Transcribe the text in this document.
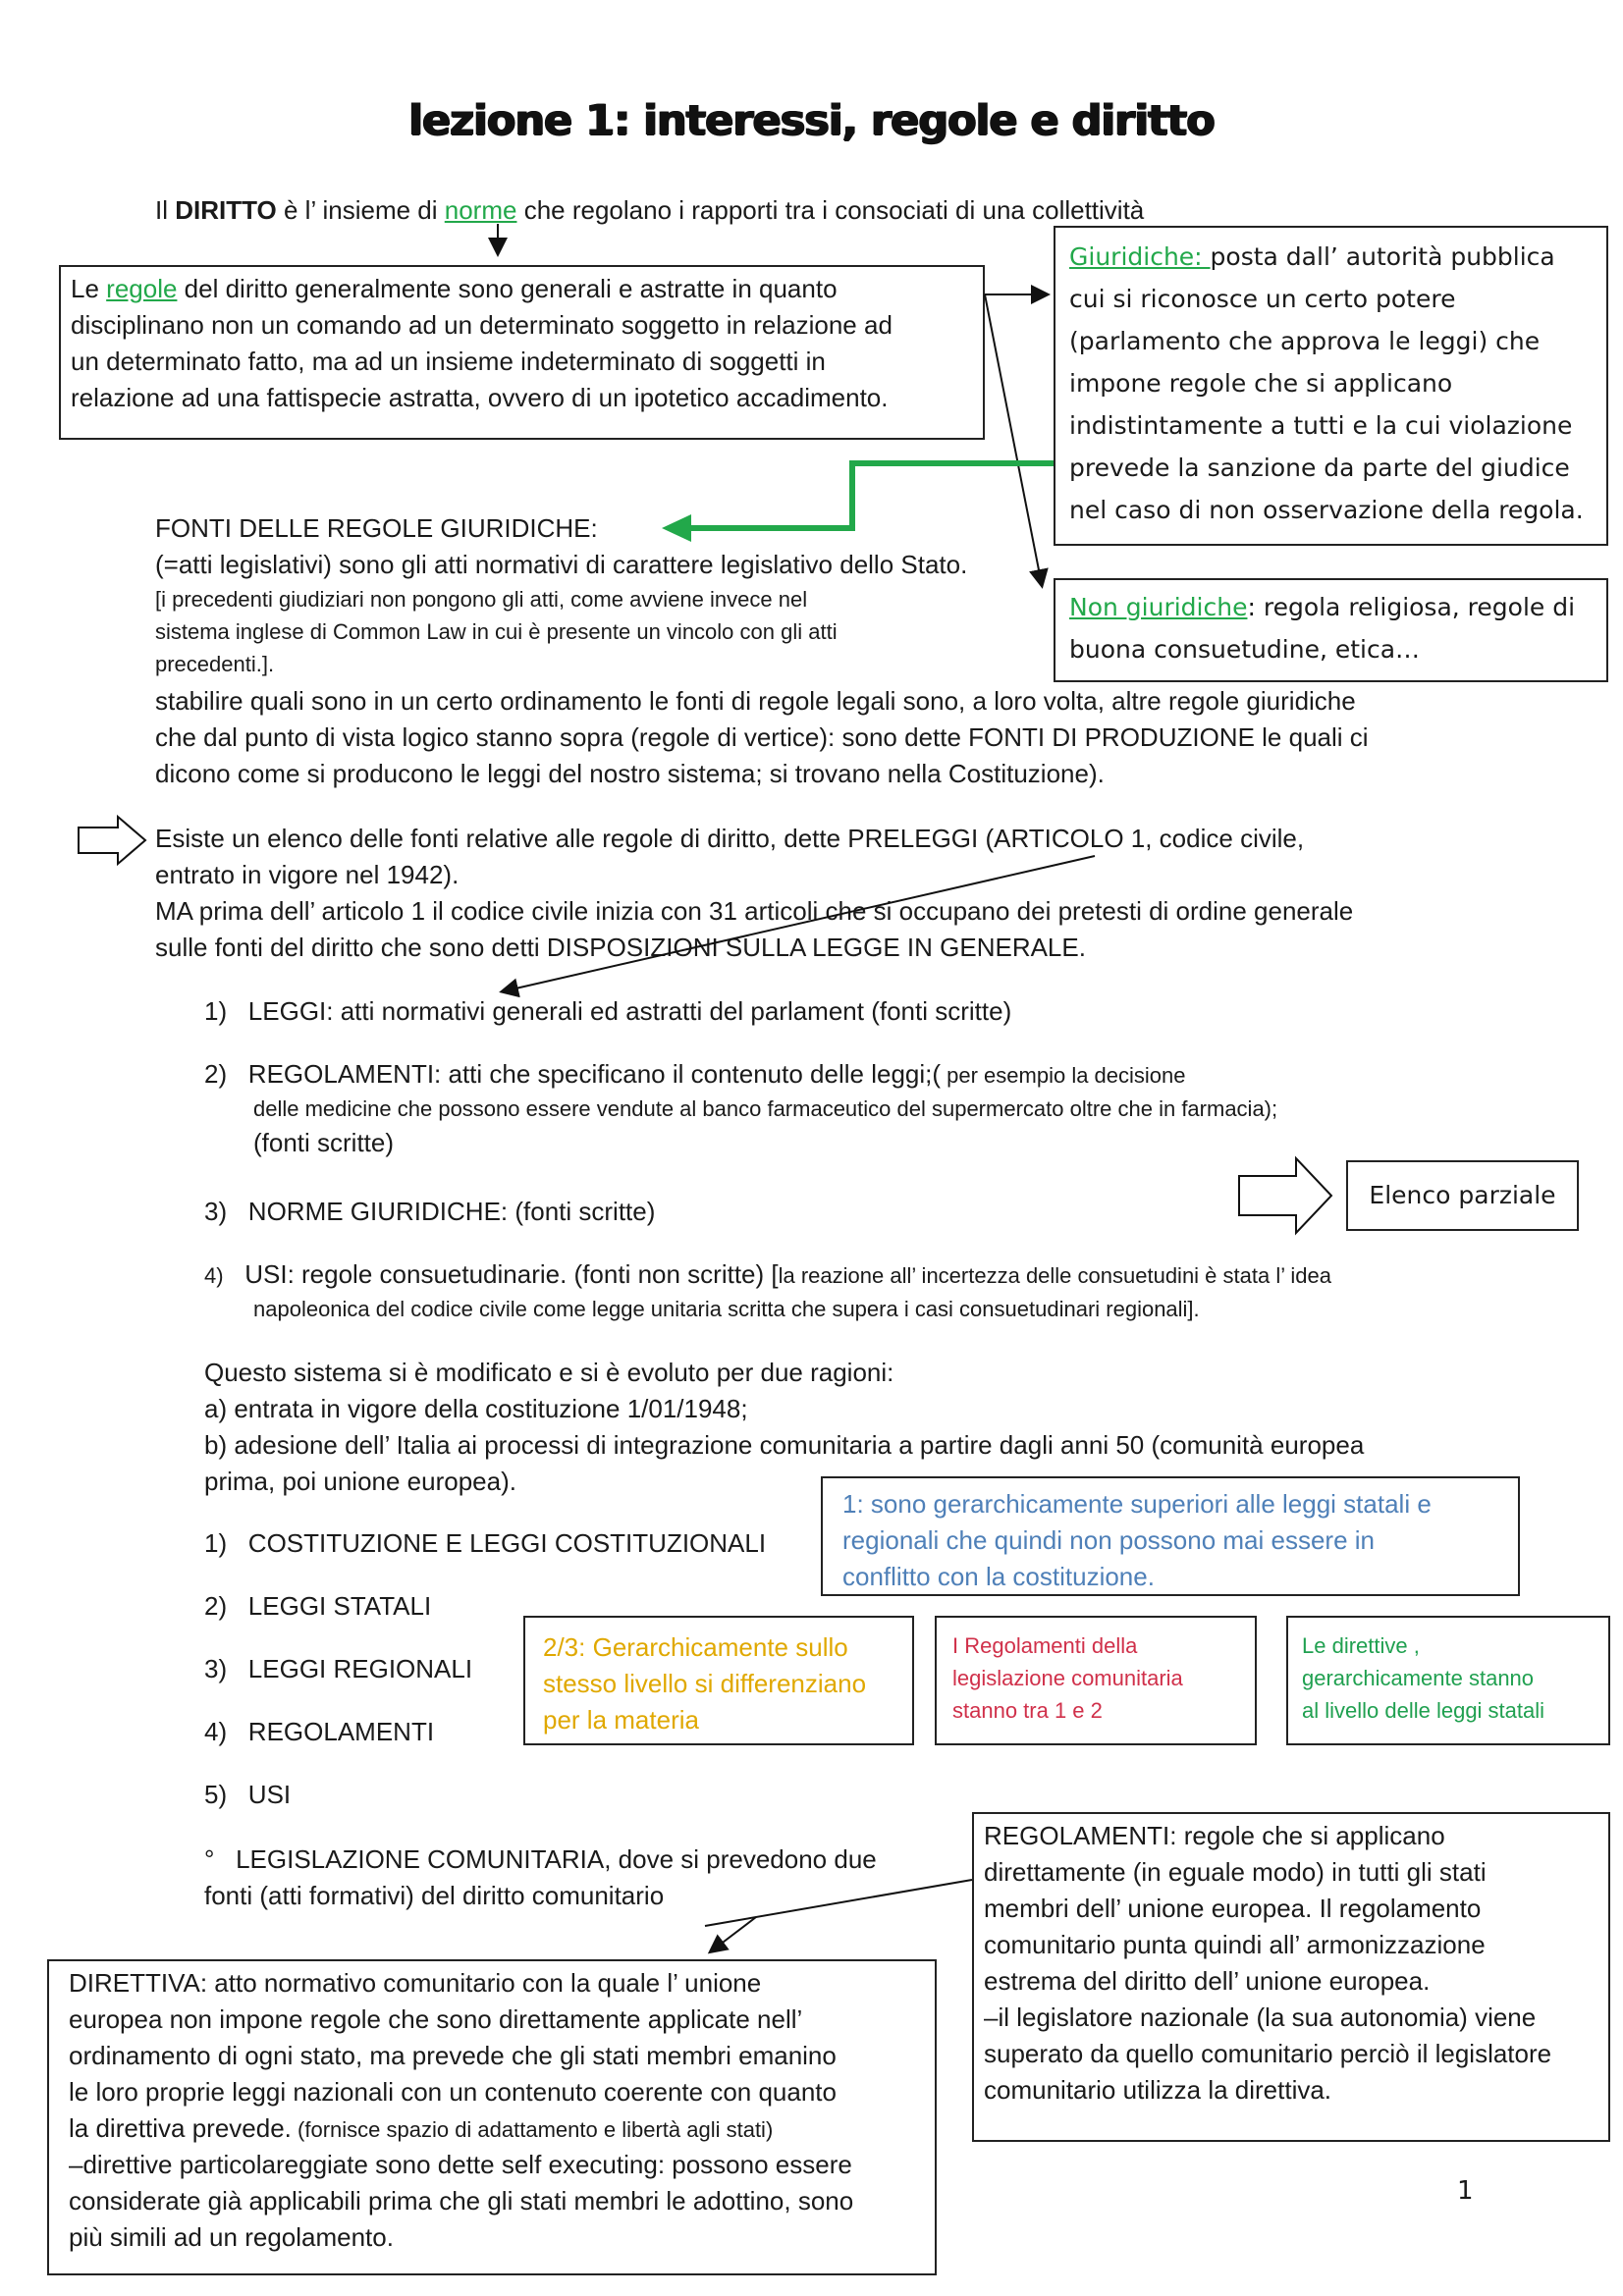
lezione 1: interessi, regole e diritto
Il DIRITTO è l’ insieme di norme che regolano i rapporti tra i consociati di una collettività
Le regole del diritto generalmente sono generali e astratte in quanto
disciplinano non un comando ad un determinato soggetto in relazione ad
un determinato fatto, ma ad un insieme indeterminato di soggetti in
relazione ad una fattispecie astratta, ovvero di un ipotetico accadimento.
Giuridiche: posta dall’ autorità pubblica
cui si riconosce un certo potere
(parlamento che approva le leggi) che
impone regole che si applicano
indistintamente a tutti e la cui violazione
prevede la sanzione da parte del giudice
nel caso di non osservazione della regola.
Non giuridiche: regola religiosa, regole di
buona consuetudine, etica…
FONTI DELLE REGOLE GIURIDICHE:
(=atti legislativi) sono gli atti normativi di carattere legislativo dello Stato.
[i precedenti giudiziari non pongono gli atti, come avviene invece nel
sistema inglese di Common Law in cui è presente un vincolo con gli atti
precedenti.].
stabilire quali sono in un certo ordinamento le fonti di regole legali sono, a loro volta, altre regole giuridiche
che dal punto di vista logico stanno sopra (regole di vertice): sono dette FONTI DI PRODUZIONE le quali ci
dicono come si producono le leggi del nostro sistema; si trovano nella Costituzione).
Esiste un elenco delle fonti relative alle regole di diritto, dette PRELEGGI (ARTICOLO 1, codice civile,
entrato in vigore nel 1942).
MA prima dell’ articolo 1 il codice civile inizia con 31 articoli che si occupano dei pretesti di ordine generale
sulle fonti del diritto che sono detti DISPOSIZIONI SULLA LEGGE IN GENERALE.
1) LEGGI: atti normativi generali ed astratti del parlament (fonti scritte)
2) REGOLAMENTI: atti che specificano il contenuto delle leggi;( per esempio la decisione
delle medicine che possono essere vendute al banco farmaceutico del supermercato oltre che in farmacia);
(fonti scritte)
3) NORME GIURIDICHE: (fonti scritte)
4) USI: regole consuetudinarie. (fonti non scritte) [la reazione all’ incertezza delle consuetudini è stata l’ idea
napoleonica del codice civile come legge unitaria scritta che supera i casi consuetudinari regionali].
Elenco parziale
Questo sistema si è modificato e si è evoluto per due ragioni:
a) entrata in vigore della costituzione 1/01/1948;
b) adesione dell’ Italia ai processi di integrazione comunitaria a partire dagli anni 50 (comunità europea
prima, poi unione europea).
1) COSTITUZIONE E LEGGI COSTITUZIONALI
2) LEGGI STATALI
3) LEGGI REGIONALI
4) REGOLAMENTI
5) USI
1: sono gerarchicamente superiori alle leggi statali e
regionali che quindi non possono mai essere in
conflitto con la costituzione.
2/3: Gerarchicamente sullo
stesso livello si differenziano
per la materia
I Regolamenti della
legislazione comunitaria
stanno tra 1 e 2
Le direttive ,
gerarchicamente stanno
al livello delle leggi statali
° LEGISLAZIONE COMUNITARIA, dove si prevedono due
fonti (atti formativi) del diritto comunitario
REGOLAMENTI: regole che si applicano
direttamente (in eguale modo) in tutti gli stati
membri dell’ unione europea. Il regolamento
comunitario punta quindi all’ armonizzazione
estrema del diritto dell’ unione europea.
–il legislatore nazionale (la sua autonomia) viene
superato da quello comunitario perciò il legislatore
comunitario utilizza la direttiva.
DIRETTIVA: atto normativo comunitario con la quale l’ unione
europea non impone regole che sono direttamente applicate nell’
ordinamento di ogni stato, ma prevede che gli stati membri emanino
le loro proprie leggi nazionali con un contenuto coerente con quanto
la direttiva prevede. (fornisce spazio di adattamento e libertà agli stati)
–direttive particolareggiate sono dette self executing: possono essere
considerate già applicabili prima che gli stati membri le adottino, sono
più simili ad un regolamento.
1
